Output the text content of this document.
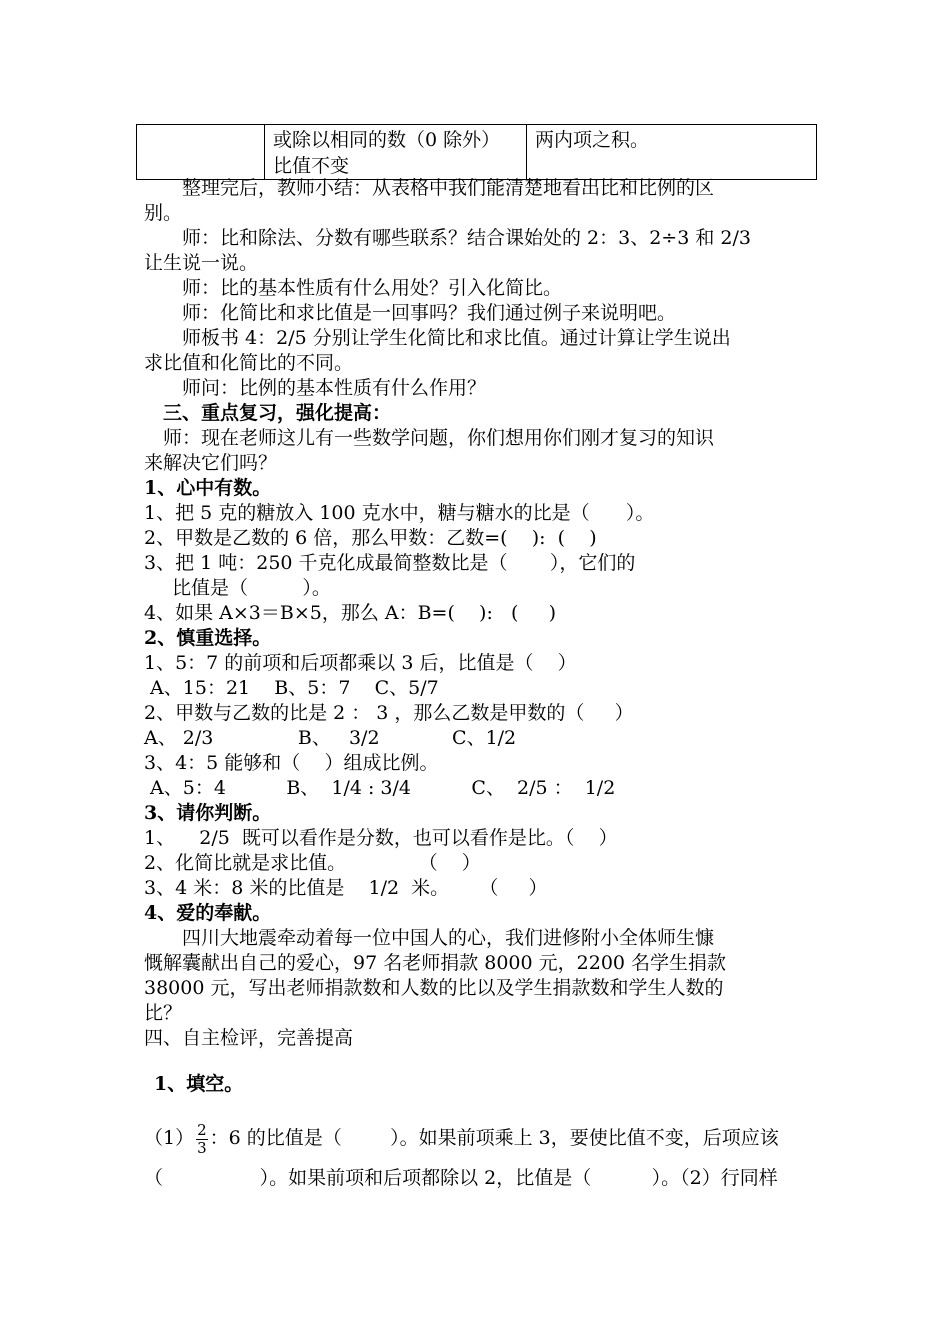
	或除以相同的数（0 除外）比值不变	两内项之积。

整理完后，教师小结：从表格中我们能清楚地看出比和比例的区

别。

师：比和除法、分数有哪些联系？结合课始处的 2：3、2÷3 和 2/3

让生说一说。

师：比的基本性质有什么用处？引入化简比。

师：化简比和求比值是一回事吗？我们通过例子来说明吧。

师板书 4：2/5 分别让学生化简比和求比值。通过计算让学生说出

求比值和化简比的不同。

师问：比例的基本性质有什么作用？

三、重点复习，强化提高：

师：现在老师这儿有一些数学问题，你们想用你们刚才复习的知识

来解决它们吗？

1、心中有数。

1、把 5 克的糖放入 100 克水中，糖与糖水的比是（      ）。

2、甲数是乙数的 6 倍，那么甲数：乙数=(    ):  (    )

3、把 1 吨：250 千克化成最简整数比是（       ），它们的

比值是（         ）。

4、如果 A×3＝B×5，那么 A：B=(    ):   (     )

2、慎重选择。

1、5：7 的前项和后项都乘以 3 后，比值是（    ）

A、15：21    B、5：7    C、5/7

2、甲数与乙数的比是 2 ： 3 ，那么乙数是甲数的（     ）

A、 2/3              B、   3/2            C、1/2

3、4：5 能够和（    ）组成比例。

A、5：4          B、  1/4 : 3/4          C、  2/5 ：  1/2

3、请你判断。

1、    2/5  既可以看作是分数，也可以看作是比。（    ）

2、化简比就是求比值。            （    ）

3、4 米：8 米的比值是    1/2  米。     （     ）

4、爱的奉献。

四川大地震牵动着每一位中国人的心，我们进修附小全体师生慷

慨解囊献出自己的爱心，97 名老师捐款 8000 元，2200 名学生捐款

38000 元，写出老师捐款数和人数的比以及学生捐款数和学生人数的

比？

四、自主检评，完善提高

1、填空。

$(1) \frac{2}{3}$ ：6 的比值是（        ）。如果前项乘上 3，要使比值不变，后项应该

（                ）。如果前项和后项都除以 2，比值是（          ）。（2）行同样
